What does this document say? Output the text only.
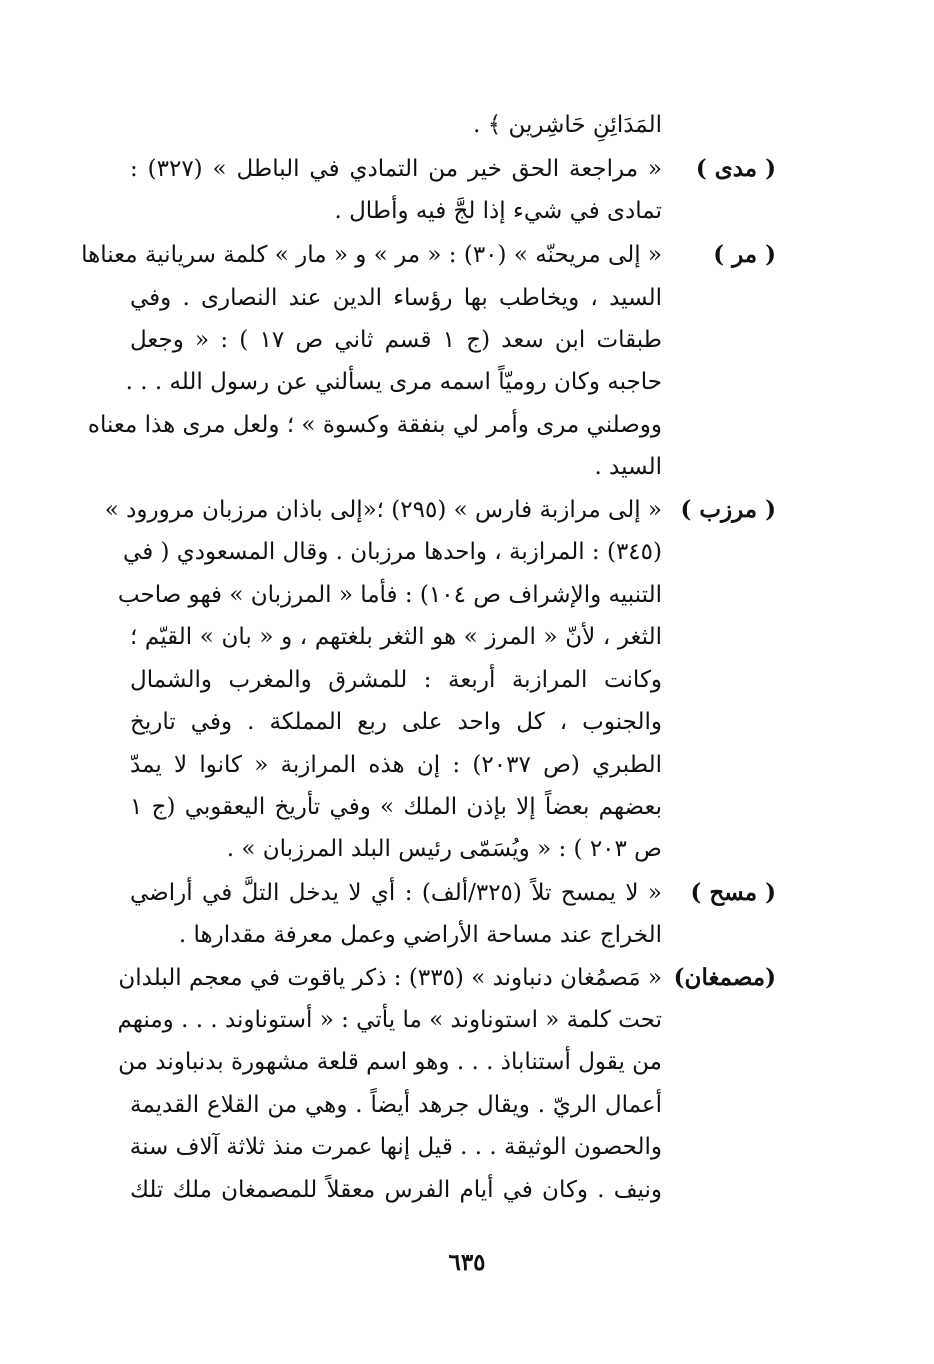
المَدَائِنِ حَاشِرين ﴾ .
( مدى )
« مراجعة الحق خير من التمادي في الباطل » (٣٢٧) :
تمادى في شيء إذا لجَّ فيه وأطال .
( مر )
« إلى مريحنّه » (٣٠) : « مر » و « مار » كلمة سريانية معناها
السيد ، ويخاطب بها رؤساء الدين عند النصارى . وفي
طبقات ابن سعد (ج ١ قسم ثاني ص ١٧ ) : « وجعل
حاجبه وكان روميّاً اسمه مرى يسألني عن رسول الله . . .
ووصلني مرى وأمر لي بنفقة وكسوة » ؛ ولعل مرى هذا معناه
السيد .
( مرزب )
« إلى مرازبة فارس » (٢٩٥) ؛«إلى باذان مرزبان مرورود »
(٣٤٥) : المرازبة ، واحدها مرزبان . وقال المسعودي ( في
التنبيه والإشراف ص ١٠٤) : فأما « المرزبان » فهو صاحب
الثغر ، لأنّ « المرز » هو الثغر بلغتهم ، و « بان » القيّم ؛
وكانت المرازبة أربعة : للمشرق والمغرب والشمال
والجنوب ، كل واحد على ربع المملكة . وفي تاريخ
الطبري (ص ٢٠٣٧) : إن هذه المرازبة « كانوا لا يمدّ
بعضهم بعضاً إلا بإذن الملك » وفي تأريخ اليعقوبي (ج ١
ص ٢٠٣ ) : « ويُسَمّى رئيس البلد المرزبان » .
( مسح )
« لا يمسح تلاً (٣٢٥/ألف) : أي لا يدخل التلَّ في أراضي
الخراج عند مساحة الأراضي وعمل معرفة مقدارها .
(مصمغان)
« مَصمُغان دنباوند » (٣٣٥) : ذكر ياقوت في معجم البلدان
تحت كلمة « استوناوند » ما يأتي : « أستوناوند . . . ومنهم
من يقول أستناباذ . . . وهو اسم قلعة مشهورة بدنباوند من
أعمال الريّ . ويقال جرهد أيضاً . وهي من القلاع القديمة
والحصون الوثيقة . . . قيل إنها عمرت منذ ثلاثة آلاف سنة
ونيف . وكان في أيام الفرس معقلاً للمصمغان ملك تلك
٦٣٥
